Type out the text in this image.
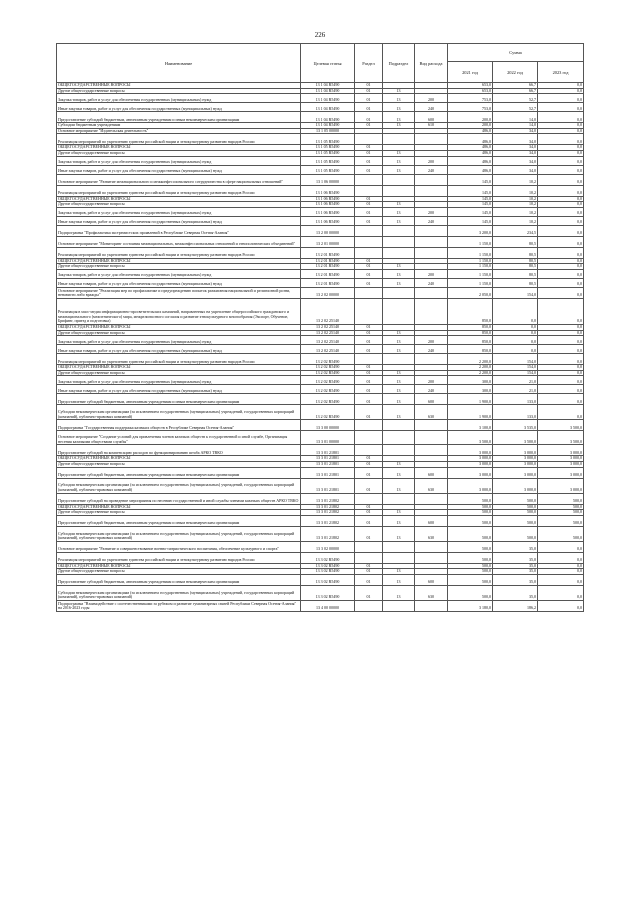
226
Наименование	Целевая статья	Раздел	Подраздел	Вид расхода	Сумма		
					2021 год	2022 год	2023 год
ОБЩЕГОСУДАРСТВЕННЫЕ ВОПРОСЫ	13 1 04 R5490	01			653,0	66,7	0,0
Другие общегосударственные вопросы	13 1 04 R5490	01	13		653,0	66,7	0,0
Закупка товаров, работ и услуг для обеспечения государственных (муниципальных) нужд	13 1 04 R5490	01	13	200	753,0	52,7	0,0
Иные закупки товаров, работ и услуг для обеспечения государственных (муниципальных) нужд	13 1 04 R5490	01	13	240	753,0	52,7	0,0
Предоставление субсидий бюджетным, автономным учреждениям и иным некоммерческим организациям	13 1 04 R5490	01	13	600	200,0	14,0	0,0
Субсидии бюджетным учреждениям	13 1 04 R5490	01	13	610	200,0	14,0	0,0
Основное мероприятие "Издательская деятельность"	13 1 05 00000				486,0	34,0	0,0
Реализация мероприятий по укреплению единства российской нации и этнокультурному развитию народов России	13 1 05 R5490				486,0	34,0	0,0
ОБЩЕГОСУДАРСТВЕННЫЕ ВОПРОСЫ	13 1 05 R5490	01			486,0	34,0	0,0
Другие общегосударственные вопросы	13 1 05 R5490	01	13		486,0	34,0	0,0
Закупка товаров, работ и услуг для обеспечения государственных (муниципальных) нужд	13 1 05 R5490	01	13	200	486,0	34,0	0,0
Иные закупки товаров, работ и услуг для обеспечения государственных (муниципальных) нужд	13 1 05 R5490	01	13	240	486,0	34,0	0,0
Основное мероприятие "Развитие межнационального и межконфессионального сотрудничества в сфере национальных отношений"	13 1 06 00000				145,0	10,2	0,0
Реализация мероприятий по укреплению единства российской нации и этнокультурному развитию народов России	13 1 06 R5490				145,0	10,2	0,0
ОБЩЕГОСУДАРСТВЕННЫЕ ВОПРОСЫ	13 1 06 R5490	01			145,0	10,2	0,0
Другие общегосударственные вопросы	13 1 06 R5490	01	13		145,0	10,2	0,0
Закупка товаров, работ и услуг для обеспечения государственных (муниципальных) нужд	13 1 06 R5490	01	13	200	145,0	10,2	0,0
Иные закупки товаров, работ и услуг для обеспечения государственных (муниципальных) нужд	13 1 06 R5490	01	13	240	145,0	10,2	0,0
Подпрограмма "Профилактика экстремистских проявлений в Республике Северная Осетия-Алания"	13 2 00 00000				3 200,0	234,5	0,0
Основное мероприятие "Мониторинг состояния межнациональных, межконфессиональных отношений и этнополитических объединений"	13 2 01 00000				1 150,0	80,5	0,0
Реализация мероприятий по укреплению единства российской нации и этнокультурному развитию народов России	13 2 01 R5490				1 150,0	80,5	0,0
ОБЩЕГОСУДАРСТВЕННЫЕ ВОПРОСЫ	13 2 01 R5490	01			1 150,0	80,5	0,0
Другие общегосударственные вопросы	13 2 01 R5490	01	13		1 150,0	80,5	0,0
Закупка товаров, работ и услуг для обеспечения государственных (муниципальных) нужд	13 2 01 R5490	01	13	200	1 150,0	80,5	0,0
Иные закупки товаров, работ и услуг для обеспечения государственных (муниципальных) нужд	13 2 01 R5490	01	13	240	1 150,0	80,5	0,0
Основное мероприятие "Реализация мер по профилактике и предупреждению попыток разжигания национальной и религиозной розни, ненависти либо вражды"	13 2 02 00000				2 050,0	154,0	0,0
Реализация в масс-медиа информационно-просветительских кампаний, направленных на укрепление общероссийского гражданского и межнационального (межэтнического) мира, межрелигиозного согласия и развитие этнокультурного многообразия (Экспорт, Обучение, Брифинг, приезд и подготовка)	13 2 02 25140				850,0	0,0	0,0
ОБЩЕГОСУДАРСТВЕННЫЕ ВОПРОСЫ	13 2 02 25140	01			850,0	0,0	0,0
Другие общегосударственные вопросы	13 2 02 25140	01	13		850,0	0,0	0,0
Закупка товаров, работ и услуг для обеспечения государственных (муниципальных) нужд	13 2 02 25140	01	13	200	850,0	0,0	0,0
Иные закупки товаров, работ и услуг для обеспечения государственных (муниципальных) нужд	13 2 02 25140	01	13	240	850,0	0,0	0,0
Реализация мероприятий по укреплению единства российской нации и этнокультурному развитию народов России	13 2 02 R5490				2 200,0	154,0	0,0
ОБЩЕГОСУДАРСТВЕННЫЕ ВОПРОСЫ	13 2 02 R5490	01			2 200,0	154,0	0,0
Другие общегосударственные вопросы	13 2 02 R5490	01	13		2 200,0	154,0	0,0
Закупка товаров, работ и услуг для обеспечения государственных (муниципальных) нужд	13 2 02 R5490	01	13	200	300,0	21,0	0,0
Иные закупки товаров, работ и услуг для обеспечения государственных (муниципальных) нужд	13 2 02 R5490	01	13	240	300,0	21,0	0,0
Предоставление субсидий бюджетным, автономным учреждениям и иным некоммерческим организациям	13 2 02 R5490	01	13	600	1 900,0	133,0	0,0
Субсидии некоммерческим организациям (за исключением государственных (муниципальных) учреждений, государственных корпораций (компаний), публично-правовых компаний)	13 2 02 R5490	01	13	630	1 900,0	133,0	0,0
Подпрограмма "Государственная поддержка казачьих обществ в Республике Северная Осетия-Алания"	13 3 00 00000				3 100,0	3 535,0	3 500,0
Основное мероприятие "Создание условий для привлечения членов казачьих обществ к государственной и иной службе, Организация несения казачьими обществами службы"	13 3 01 00000				3 500,0	3 500,0	3 500,0
Предоставление субсидий на компенсацию расходов по функционированию штаба АРКО ТВКО	13 3 01 21801				3 000,0	3 000,0	3 000,0
ОБЩЕГОСУДАРСТВЕННЫЕ ВОПРОСЫ	13 3 01 21801	01			3 000,0	3 000,0	3 000,0
Другие общегосударственные вопросы	13 3 01 21801	01	13		3 000,0	3 000,0	3 000,0
Предоставление субсидий бюджетным, автономным учреждениям и иным некоммерческим организациям	13 3 01 21801	01	13	600	3 000,0	3 000,0	3 000,0
Субсидии некоммерческим организациям (за исключением государственных (муниципальных) учреждений, государственных корпораций (компаний), публично-правовых компаний)	13 3 01 21801	01	13	630	3 000,0	3 000,0	3 000,0
Предоставление субсидий на проведение мероприятия по несению государственной и иной службы членами казачьих обществ АРКО ТВКО	13 3 01 21802				500,0	500,0	500,0
ОБЩЕГОСУДАРСТВЕННЫЕ ВОПРОСЫ	13 3 01 21802	01			500,0	500,0	500,0
Другие общегосударственные вопросы	13 3 01 21802	01	13		500,0	500,0	500,0
Предоставление субсидий бюджетным, автономным учреждениям и иным некоммерческим организациям	13 3 01 21802	01	13	600	500,0	500,0	500,0
Субсидии некоммерческим организациям (за исключением государственных (муниципальных) учреждений, государственных корпораций (компаний), публично-правовых компаний)	13 3 01 21802	01	13	630	500,0	500,0	500,0
Основное мероприятие "Развитие и совершенствование военно-патриотического воспитания, обеспечение культурного и спорта"	13 3 02 00000				500,0	35,0	0,0
Реализация мероприятий по укреплению единства российской нации и этнокультурному развитию народов России	13 3 02 R5490				500,0	35,0	0,0
ОБЩЕГОСУДАРСТВЕННЫЕ ВОПРОСЫ	13 3 02 R5490	01			500,0	35,0	0,0
Другие общегосударственные вопросы	13 3 02 R5490	01	13		500,0	35,0	0,0
Предоставление субсидий бюджетным, автономным учреждениям и иным некоммерческим организациям	13 3 02 R5490	01	13	600	500,0	35,0	0,0
Субсидии некоммерческим организациям (за исключением государственных (муниципальных) учреждений, государственных корпораций (компаний), публично-правовых компаний)	13 3 02 R5490	01	13	630	500,0	35,0	0,0
Подпрограмма "Взаимодействие с соотечественниками за рубежом и развитие гуманитарных связей Республики Северная Осетия-Алания" на 2016-2023 годы	13 4 00 00000				3 180,0	186,2	0,0
